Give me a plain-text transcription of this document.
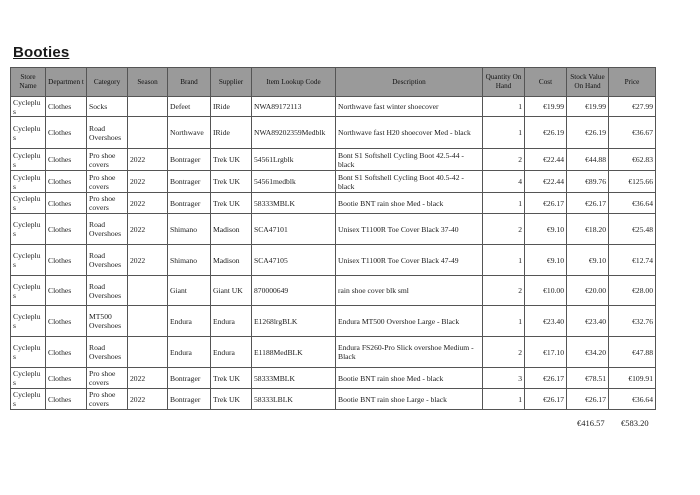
Booties
Store Name	Departmen t	Category	Season	Brand	Supplier	Item Lookup Code	Description	Quantity On Hand	Cost	Stock Value On Hand	Price
Cycleplu s	Clothes	Socks		Defeet	IRide	NWA89172113	Northwave fast winter shoecover	1	€19.99	€19.99	€27.99
Cycleplu s	Clothes	Road Overshoes		Northwave	IRide	NWA89202359Medblk	Northwave fast H20 shoecover Med - black	1	€26.19	€26.19	€36.67
Cycleplu s	Clothes	Pro shoe covers	2022	Bontrager	Trek UK	54561Lrgblk	Bont S1 Softshell Cycling Boot 42.5-44 - black	2	€22.44	€44.88	€62.83
Cycleplu s	Clothes	Pro shoe covers	2022	Bontrager	Trek UK	54561medblk	Bont S1 Softshell Cycling Boot 40.5-42 - black	4	€22.44	€89.76	€125.66
Cycleplu s	Clothes	Pro shoe covers	2022	Bontrager	Trek UK	58333MBLK	Bootie BNT rain shoe Med - black	1	€26.17	€26.17	€36.64
Cycleplu s	Clothes	Road Overshoes	2022	Shimano	Madison	SCA47101	Unisex T1100R Toe Cover Black 37-40	2	€9.10	€18.20	€25.48
Cycleplu s	Clothes	Road Overshoes	2022	Shimano	Madison	SCA47105	Unisex T1100R Toe Cover Black 47-49	1	€9.10	€9.10	€12.74
Cycleplu s	Clothes	Road Overshoes		Giant	Giant UK	870000649	rain shoe cover blk sml	2	€10.00	€20.00	€28.00
Cycleplu s	Clothes	MT500 Overshoes		Endura	Endura	E1268lrgBLK	Endura MT500 Overshoe Large - Black	1	€23.40	€23.40	€32.76
Cycleplu s	Clothes	Road Overshoes		Endura	Endura	E1188MedBLK	Endura FS260-Pro Slick overshoe Medium - Black	2	€17.10	€34.20	€47.88
Cycleplu s	Clothes	Pro shoe covers	2022	Bontrager	Trek UK	58333MBLK	Bootie BNT rain shoe Med - black	3	€26.17	€78.51	€109.91
Cycleplu s	Clothes	Pro shoe covers	2022	Bontrager	Trek UK	58333LBLK	Bootie BNT rain shoe Large - black	1	€26.17	€26.17	€36.64
€416.57 €583.20
